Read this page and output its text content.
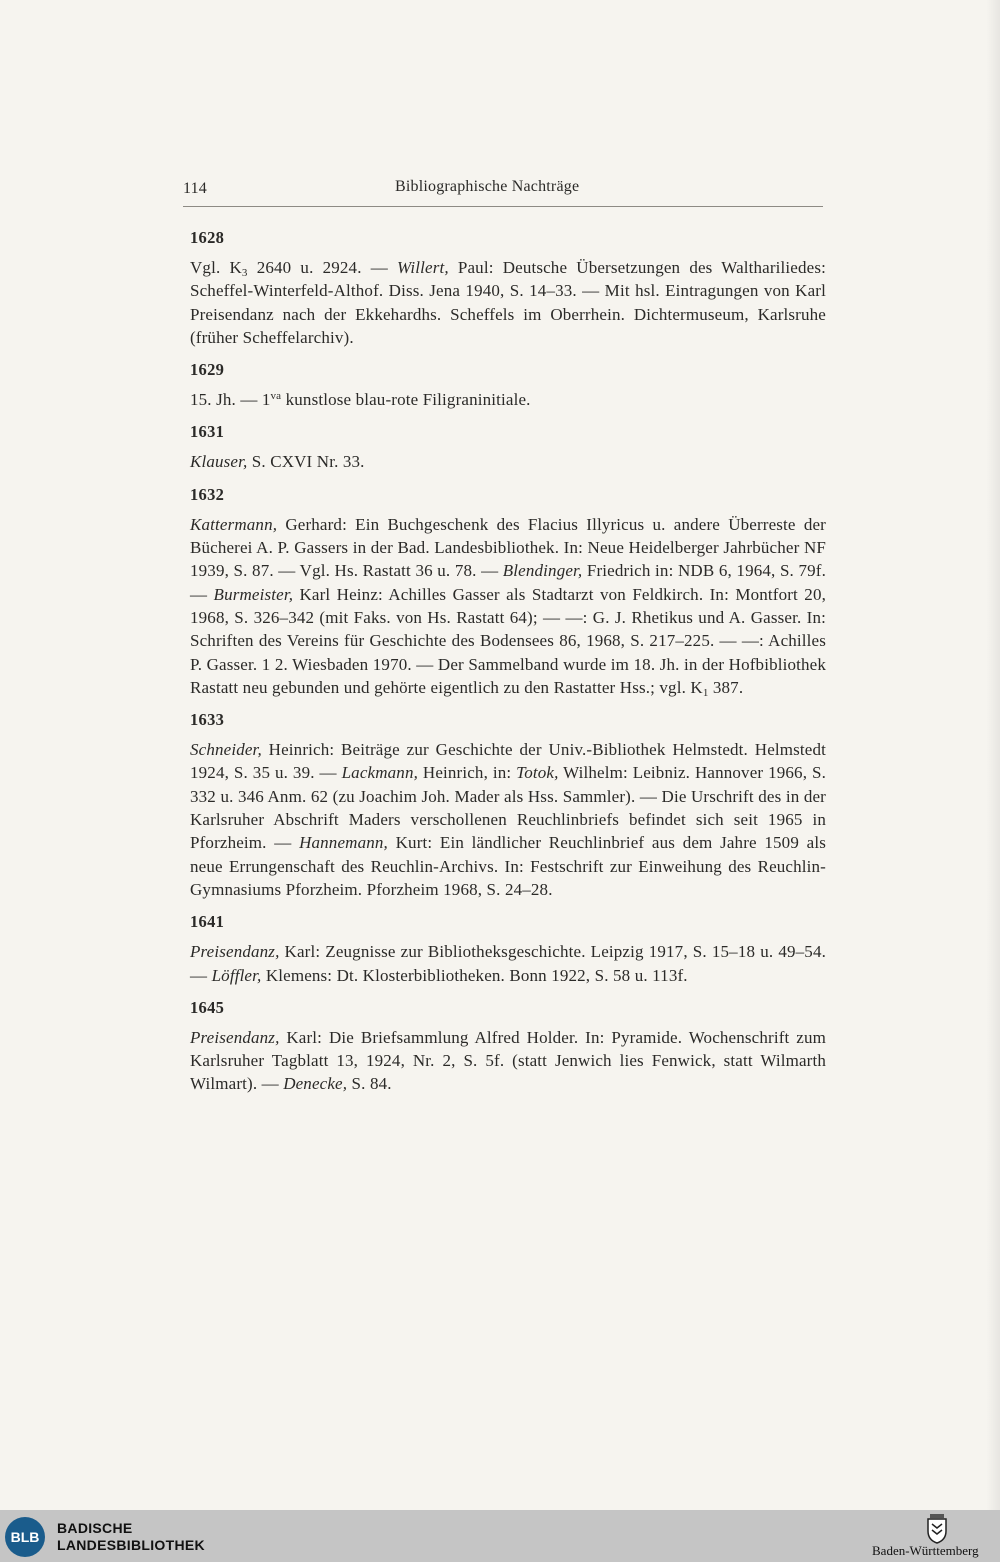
114	Bibliographische Nachträge
1628

Vgl. $K_3$ 2640 u. 2924. — Willert, Paul: Deutsche Übersetzungen des Walthariliedes: Scheffel-Winterfeld-Althof. Diss. Jena 1940, S. 14–33. — Mit hsl. Eintragungen von Karl Preisendanz nach der Ekkehardhs. Scheffels im Oberrhein. Dichtermuseum, Karlsruhe (früher Scheffelarchiv).

1629

15. Jh. — $1^{va}$ kunstlose blau-rote Filigraninitiale.

1631

Klauser, S. CXVI Nr. 33.

1632

Kattermann, Gerhard: Ein Buchgeschenk des Flacius Illyricus u. andere Überreste der Bücherei A. P. Gassers in der Bad. Landesbibliothek. In: Neue Heidelberger Jahrbücher NF 1939, S. 87. — Vgl. Hs. Rastatt 36 u. 78. — Blendinger, Friedrich in: NDB 6, 1964, S. 79f. — Burmeister, Karl Heinz: Achilles Gasser als Stadtarzt von Feldkirch. In: Montfort 20, 1968, S. 326–342 (mit Faks. von Hs. Rastatt 64); — —: G. J. Rhetikus und A. Gasser. In: Schriften des Vereins für Geschichte des Bodensees 86, 1968, S. 217–225. — —: Achilles P. Gasser. 1 2. Wiesbaden 1970. — Der Sammelband wurde im 18. Jh. in der Hofbibliothek Rastatt neu gebunden und gehörte eigentlich zu den Rastatter Hss.; vgl. $K_1$ 387.

1633

Schneider, Heinrich: Beiträge zur Geschichte der Univ.-Bibliothek Helmstedt. Helmstedt 1924, S. 35 u. 39. — Lackmann, Heinrich, in: Totok, Wilhelm: Leibniz. Hannover 1966, S. 332 u. 346 Anm. 62 (zu Joachim Joh. Mader als Hss. Sammler). — Die Urschrift des in der Karlsruher Abschrift Maders verschollenen Reuchlinbriefs befindet sich seit 1965 in Pforzheim. — Hannemann, Kurt: Ein ländlicher Reuchlinbrief aus dem Jahre 1509 als neue Errungenschaft des Reuchlin-Archivs. In: Festschrift zur Einweihung des Reuchlin-Gymnasiums Pforzheim. Pforzheim 1968, S. 24–28.

1641

Preisendanz, Karl: Zeugnisse zur Bibliotheksgeschichte. Leipzig 1917, S. 15–18 u. 49–54. — Löffler, Klemens: Dt. Klosterbibliotheken. Bonn 1922, S. 58 u. 113f.

1645

Preisendanz, Karl: Die Briefsammlung Alfred Holder. In: Pyramide. Wochenschrift zum Karlsruher Tagblatt 13, 1924, Nr. 2, S. 5f. (statt Jenwich lies Fenwick, statt Wilmarth Wilmart). — Denecke, S. 84.

BLB
BADISCHE
LANDESBIBLIOTHEK	Baden-Württemberg
